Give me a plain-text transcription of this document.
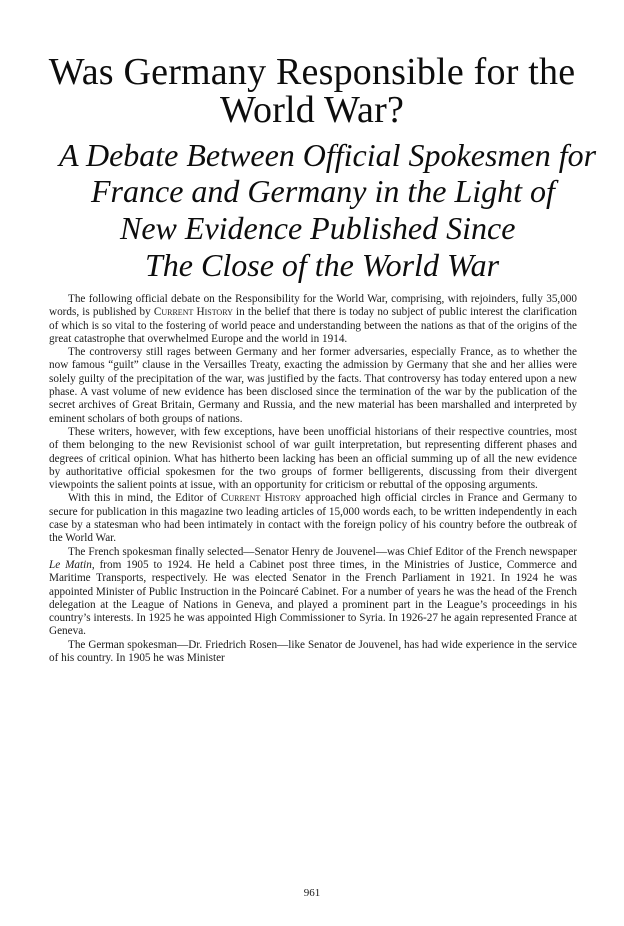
Was Germany Responsible for the
World War?
A Debate Between Official Spokesmen for
France and Germany in the Light of
New Evidence Published Since
The Close of the World War

The following official debate on the Responsibility for the World War, comprising, with rejoinders, fully 35,000 words, is published by Current History in the belief that there is today no subject of public interest the clarification of which is so vital to the fostering of world peace and understanding between the nations as that of the origins of the great catastrophe that overwhelmed Europe and the world in 1914.

The controversy still rages between Germany and her former adversaries, especially France, as to whether the now famous “guilt” clause in the Versailles Treaty, exacting the admission by Germany that she and her allies were solely guilty of the precipitation of the war, was justified by the facts. That controversy has today entered upon a new phase. A vast volume of new evidence has been disclosed since the termination of the war by the publication of the secret archives of Great Britain, Germany and Russia, and the new material has been marshalled and interpreted by eminent scholars of both groups of nations.

These writers, however, with few exceptions, have been unofficial historians of their respective countries, most of them belonging to the new Revisionist school of war guilt interpretation, but representing different phases and degrees of critical opinion. What has hitherto been lacking has been an official summing up of all the new evidence by authoritative official spokesmen for the two groups of former belligerents, discussing from their divergent viewpoints the salient points at issue, with an opportunity for criticism or rebuttal of the opposing arguments.

With this in mind, the Editor of Current History approached high official circles in France and Germany to secure for publication in this magazine two leading articles of 15,000 words each, to be written independently in each case by a statesman who had been intimately in contact with the foreign policy of his country before the outbreak of the World War.

The French spokesman finally selected—Senator Henry de Jouvenel—was Chief Editor of the French newspaper Le Matin, from 1905 to 1924. He held a Cabinet post three times, in the Ministries of Justice, Commerce and Maritime Transports, respectively. He was elected Senator in the French Parliament in 1921. In 1924 he was appointed Minister of Public Instruction in the Poincaré Cabinet. For a number of years he was the head of the French delegation at the League of Nations in Geneva, and played a prominent part in the League’s proceedings in his country’s interests. In 1925 he was appointed High Commissioner to Syria. In 1926-27 he again represented France at Geneva.

The German spokesman—Dr. Friedrich Rosen—like Senator de Jouvenel, has had wide experience in the service of his country. In 1905 he was Minister

961
